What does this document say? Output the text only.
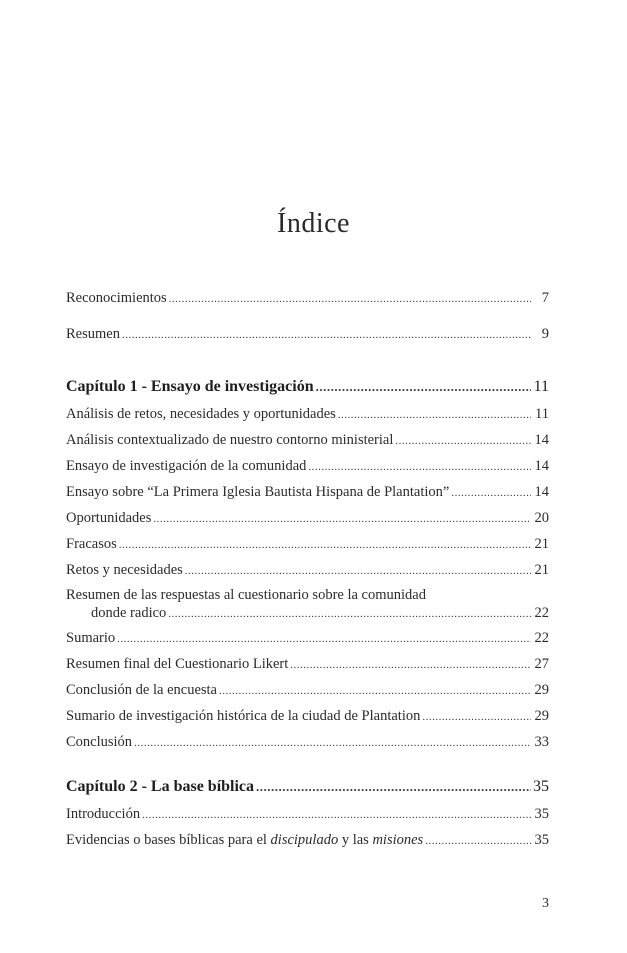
Índice
Reconocimientos .....	7
Resumen .....	9
Capítulo 1 - Ensayo de investigación .....	11
Análisis de retos, necesidades y oportunidades .....	11
Análisis contextualizado de nuestro contorno ministerial .....	14
Ensayo de investigación de la comunidad .....	14
Ensayo sobre “La Primera Iglesia Bautista Hispana de Plantation” .....	14
Oportunidades .....	20
Fracasos .....	21
Retos y necesidades .....	21
Resumen de las respuestas al cuestionario sobre la comunidad
donde radico .....	22
Sumario .....	22
Resumen final del Cuestionario Likert .....	27
Conclusión de la encuesta .....	29
Sumario de investigación histórica de la ciudad de Plantation .....	29
Conclusión .....	33
Capítulo 2 - La base bíblica .....	35
Introducción .....	35
Evidencias o bases bíblicas para el discipulado y las misiones .....	35

3
